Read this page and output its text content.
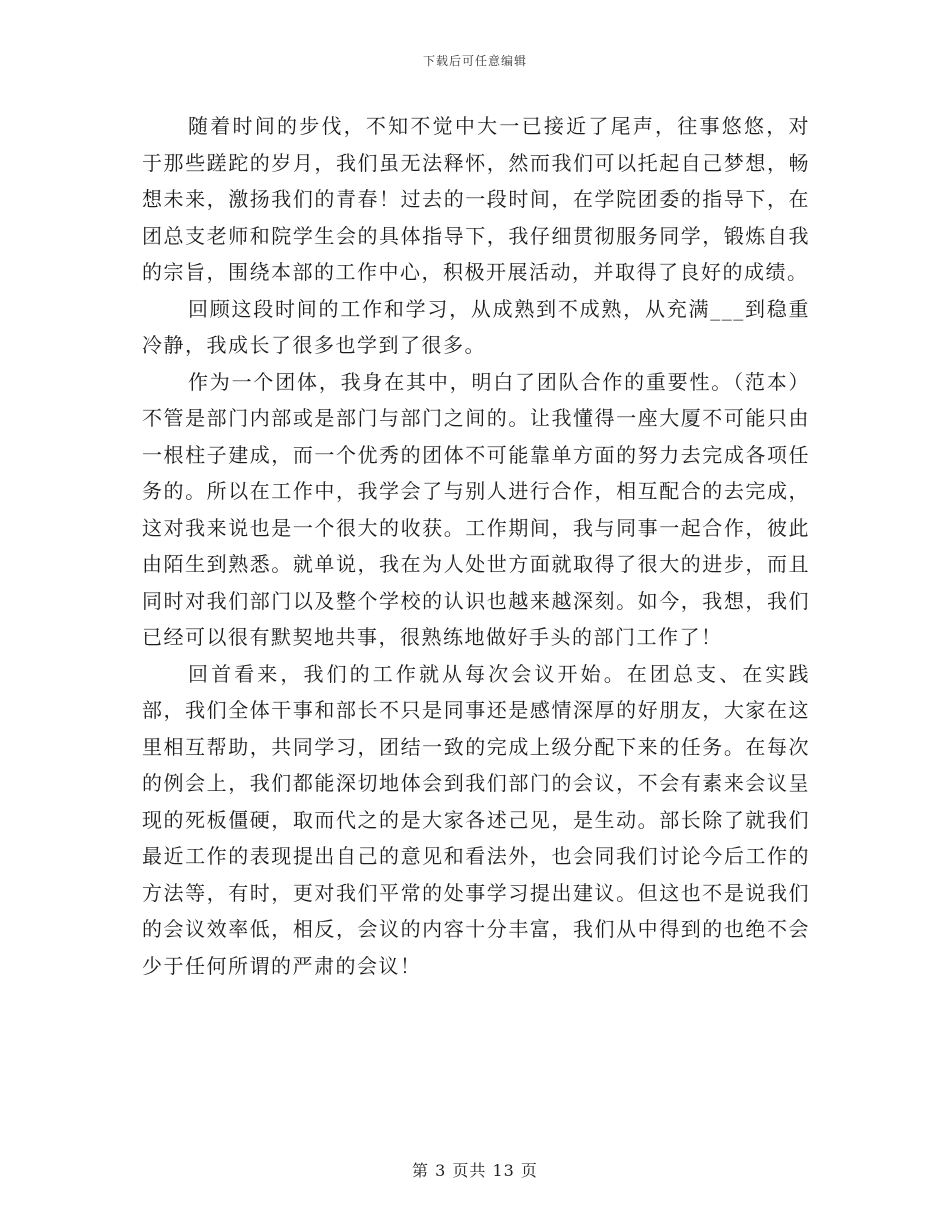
下载后可任意编辑

随着时间的步伐，不知不觉中大一已接近了尾声，往事悠悠，对于那些蹉跎的岁月，我们虽无法释怀，然而我们可以托起自己梦想，畅想未来，激扬我们的青春！过去的一段时间，在学院团委的指导下，在团总支老师和院学生会的具体指导下，我仔细贯彻服务同学，锻炼自我的宗旨，围绕本部的工作中心，积极开展活动，并取得了良好的成绩。

回顾这段时间的工作和学习，从成熟到不成熟，从充满___到稳重冷静，我成长了很多也学到了很多。

作为一个团体，我身在其中，明白了团队合作的重要性。（范本）不管是部门内部或是部门与部门之间的。让我懂得一座大厦不可能只由一根柱子建成，而一个优秀的团体不可能靠单方面的努力去完成各项任务的。所以在工作中，我学会了与别人进行合作，相互配合的去完成，这对我来说也是一个很大的收获。工作期间，我与同事一起合作，彼此由陌生到熟悉。就单说，我在为人处世方面就取得了很大的进步，而且同时对我们部门以及整个学校的认识也越来越深刻。如今，我想，我们已经可以很有默契地共事，很熟练地做好手头的部门工作了！

回首看来，我们的工作就从每次会议开始。在团总支、在实践部，我们全体干事和部长不只是同事还是感情深厚的好朋友，大家在这里相互帮助，共同学习，团结一致的完成上级分配下来的任务。在每次的例会上，我们都能深切地体会到我们部门的会议，不会有素来会议呈现的死板僵硬，取而代之的是大家各述己见，是生动。部长除了就我们最近工作的表现提出自己的意见和看法外，也会同我们讨论今后工作的方法等，有时，更对我们平常的处事学习提出建议。但这也不是说我们的会议效率低，相反，会议的内容十分丰富，我们从中得到的也绝不会少于任何所谓的严肃的会议！

第 3 页共 13 页
